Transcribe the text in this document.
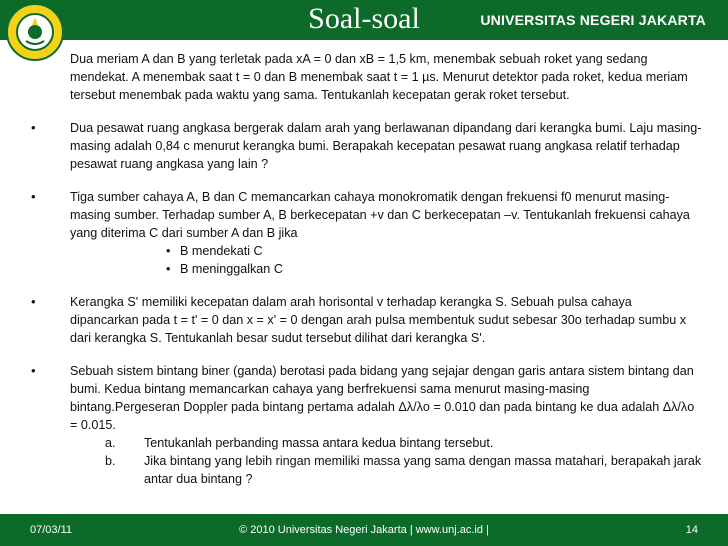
Soal-soal	UNIVERSITAS NEGERI JAKARTA
Dua meriam A dan B yang terletak pada xA = 0 dan xB = 1,5 km, menembak sebuah roket yang sedang mendekat. A menembak saat t = 0 dan B menembak saat t = 1 µs. Menurut detektor pada roket, kedua meriam tersebut menembak pada waktu yang sama. Tentukanlah kecepatan gerak roket tersebut.
•	Dua pesawat ruang angkasa bergerak dalam arah yang berlawanan dipandang dari kerangka bumi. Laju masing-masing adalah 0,84 c menurut kerangka bumi. Berapakah kecepatan pesawat ruang angkasa relatif terhadap pesawat ruang angkasa yang lain ?
•	Tiga sumber cahaya A, B dan C memancarkan cahaya monokromatik dengan frekuensi f0 menurut masing-masing sumber. Terhadap sumber A, B berkecepatan +v dan C berkecepatan –v. Tentukanlah frekuensi cahaya yang diterima C dari sumber A dan B jika
• B mendekati C
• B meninggalkan C
•	Kerangka S' memiliki kecepatan dalam arah horisontal v terhadap kerangka S. Sebuah pulsa cahaya dipancarkan pada t = t' = 0 dan x = x' = 0 dengan arah pulsa membentuk sudut sebesar 30o terhadap sumbu x dari kerangka S. Tentukanlah besar sudut tersebut dilihat dari kerangka S'.
•	Sebuah sistem bintang biner (ganda) berotasi pada bidang yang sejajar dengan garis antara sistem bintang dan bumi. Kedua bintang memancarkan cahaya yang berfrekuensi sama menurut masing-masing bintang.Pergeseran Doppler pada bintang pertama adalah Δλ/λo = 0.010 dan pada bintang ke dua adalah Δλ/λo = 0.015.
a. Tentukanlah perbanding massa antara kedua bintang tersebut.
b. Jika bintang yang lebih ringan memiliki massa yang sama dengan massa matahari, berapakah jarak antar dua bintang ?
07/03/11	© 2010 Universitas Negeri Jakarta | www.unj.ac.id |	14
